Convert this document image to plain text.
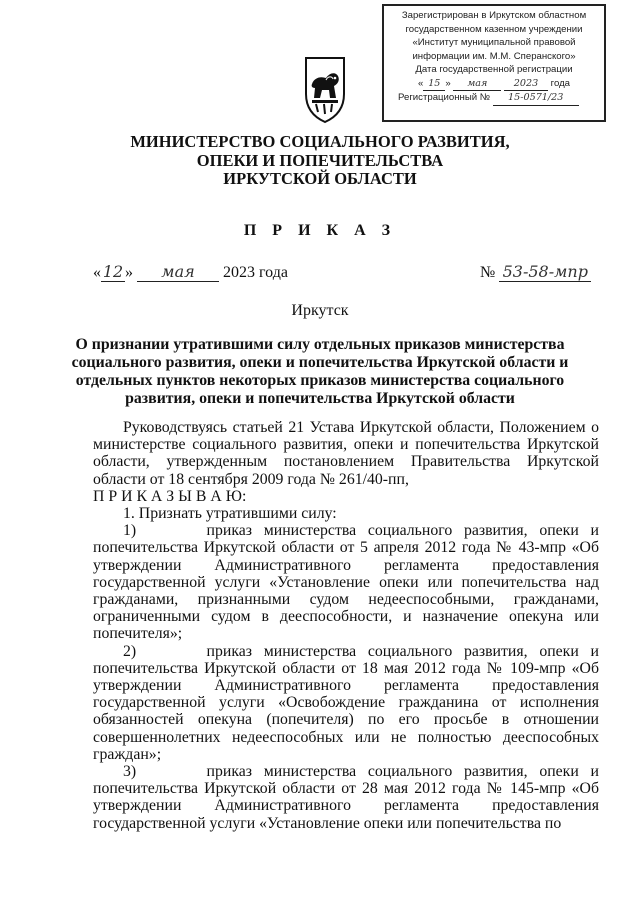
Зарегистрирован в Иркутском областном
государственном казенном учреждении
«Институт муниципальной правовой
информации им. М.М. Сперанского»
Дата государственной регистрации
« 15 » мая	2023 года
Регистрационный № 15-0571/23
МИНИСТЕРСТВО СОЦИАЛЬНОГО РАЗВИТИЯ,
ОПЕКИ И ПОПЕЧИТЕЛЬСТВА
ИРКУТСКОЙ ОБЛАСТИ
П Р И К А З
« 12 » мая 2023 года	№ 53-58-мпр
Иркутск
О признании утратившими силу отдельных приказов министерства
социального развития, опеки и попечительства Иркутской области и
отдельных пунктов некоторых приказов министерства социального
развития, опеки и попечительства Иркутской области

Руководствуясь статьей 21 Устава Иркутской области, Положением о министерстве социального развития, опеки и попечительства Иркутской области, утвержденным постановлением Правительства Иркутской области от 18 сентября 2009 года № 261/40-пп,

П Р И К А З Ы В А Ю:

1. Признать утратившими силу:

1)      приказ министерства социального развития, опеки и попечительства Иркутской области от 5 апреля 2012 года № 43-мпр «Об утверждении Административного регламента предоставления государственной услуги «Установление опеки или попечительства над гражданами, признанными судом недееспособными, гражданами, ограниченными судом в дееспособности, и назначение опекуна или попечителя»;

2)      приказ министерства социального развития, опеки и попечительства Иркутской области от 18 мая 2012 года № 109-мпр «Об утверждении Административного регламента предоставления государственной услуги «Освобождение гражданина от исполнения обязанностей опекуна (попечителя) по его просьбе в отношении совершеннолетних недееспособных или не полностью дееспособных граждан»;

3)      приказ министерства социального развития, опеки и попечительства Иркутской области от 28 мая 2012 года № 145-мпр «Об утверждении Административного регламента предоставления государственной услуги «Установление опеки или попечительства по
